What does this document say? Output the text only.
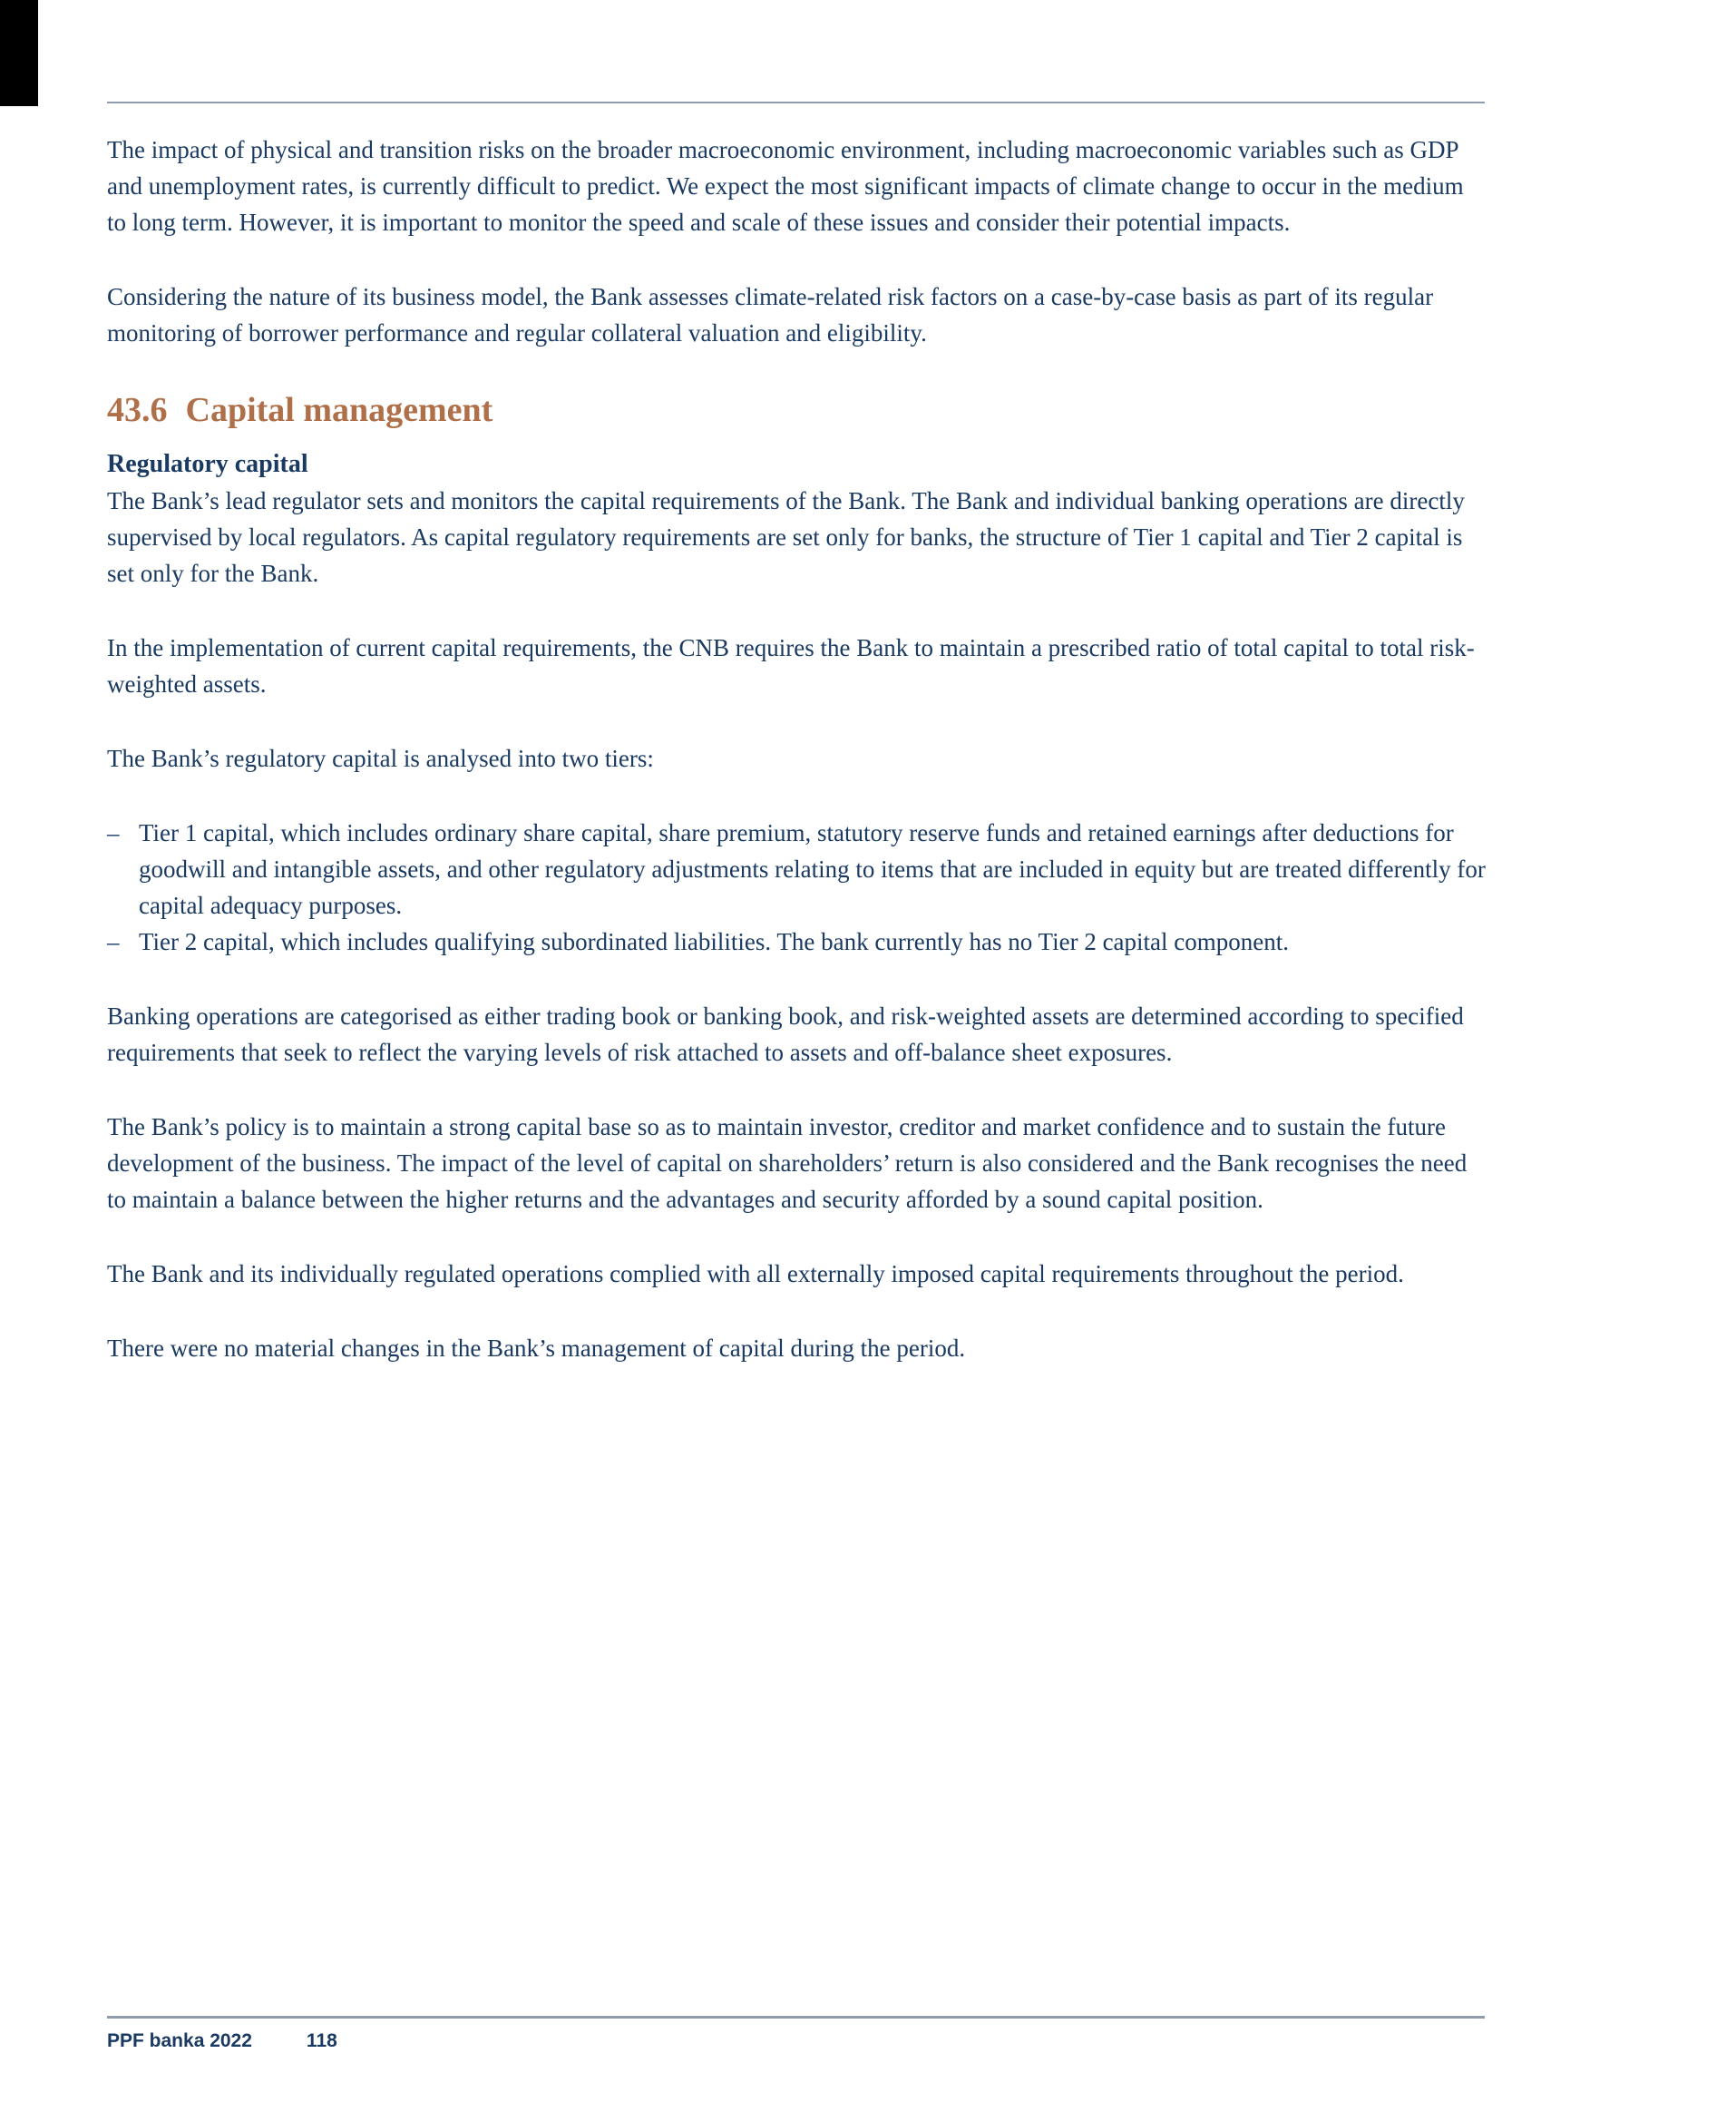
The impact of physical and transition risks on the broader macroeconomic environment, including macroeconomic variables such as GDP and unemployment rates, is currently difficult to predict. We expect the most significant impacts of climate change to occur in the medium to long term. However, it is important to monitor the speed and scale of these issues and consider their potential impacts.

Considering the nature of its business model, the Bank assesses climate-related risk factors on a case-by-case basis as part of its regular monitoring of borrower performance and regular collateral valuation and eligibility.

43.6 Capital management
Regulatory capital

The Bank’s lead regulator sets and monitors the capital requirements of the Bank. The Bank and individual banking operations are directly supervised by local regulators. As capital regulatory requirements are set only for banks, the structure of Tier 1 capital and Tier 2 capital is set only for the Bank.

In the implementation of current capital requirements, the CNB requires the Bank to maintain a prescribed ratio of total capital to total risk-weighted assets.

The Bank’s regulatory capital is analysed into two tiers:

– Tier 1 capital, which includes ordinary share capital, share premium, statutory reserve funds and retained earnings after deductions for goodwill and intangible assets, and other regulatory adjustments relating to items that are included in equity but are treated differently for capital adequacy purposes.
– Tier 2 capital, which includes qualifying subordinated liabilities. The bank currently has no Tier 2 capital component.

Banking operations are categorised as either trading book or banking book, and risk-weighted assets are determined according to specified requirements that seek to reflect the varying levels of risk attached to assets and off-balance sheet exposures.

The Bank’s policy is to maintain a strong capital base so as to maintain investor, creditor and market confidence and to sustain the future development of the business. The impact of the level of capital on shareholders’ return is also considered and the Bank recognises the need to maintain a balance between the higher returns and the advantages and security afforded by a sound capital position.

The Bank and its individually regulated operations complied with all externally imposed capital requirements throughout the period.

There were no material changes in the Bank’s management of capital during the period.

PPF banka 2022	118
